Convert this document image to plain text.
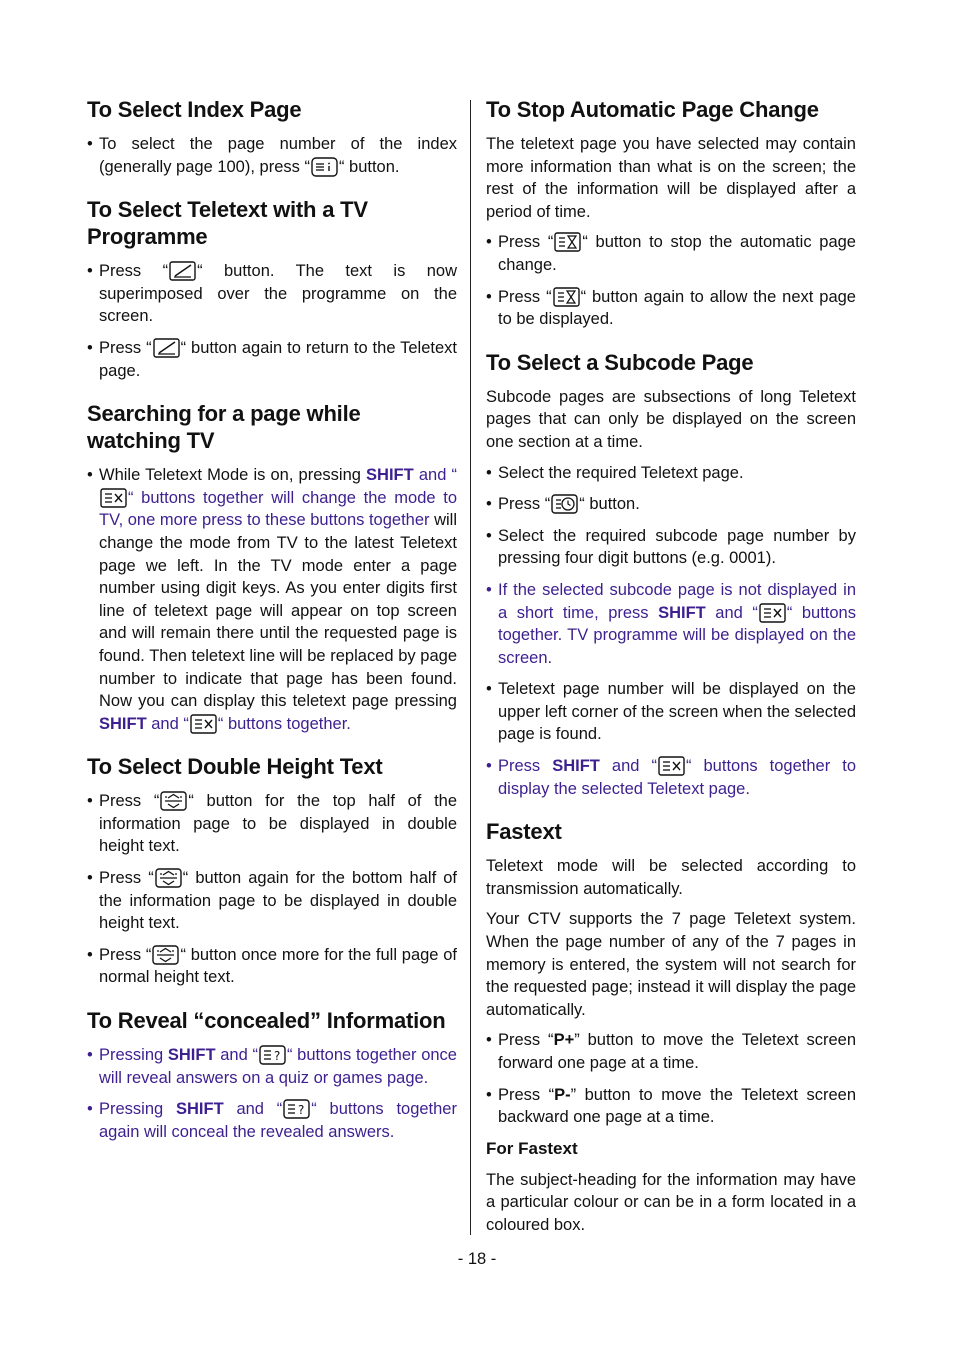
To Select Index Page
• To select the page number of the index (generally page 100), press “ “ button.
To Select Teletext with a TV Programme
• Press “ “ button. The text is now superimposed over the programme on the screen.
• Press “ “ button again to return to the Teletext page.
Searching for a page while watching TV
• While Teletext Mode is on, pressing SHIFT and “
“ buttons together will change the mode to TV, one more press to these buttons together will change the mode from TV to the latest Teletext page we left. In the TV mode enter a page number using digit keys. As you enter digits first line of teletext page will appear on top screen and will remain there until the requested page is found. Then teletext line will be replaced by page number to indicate that page has been found. Now you can display this teletext page pressing SHIFT and “ “ buttons together.
To Select Double Height Text
• Press “ “ button for the top half of the information page to be displayed in double height text.
• Press “ “ button again for the bottom half of the information page to be displayed in double height text.
• Press “ “ button once more for the full page of normal height text.
To Reveal “concealed” Information
• Pressing SHIFT and “ ? “ buttons together once will reveal answers on a quiz or games page.
• Pressing SHIFT and “ ? “ buttons together again will conceal the revealed answers.
To Stop Automatic Page Change

The teletext page you have selected may contain more information than what is on the screen; the rest of the information will be displayed after a period of time.

• Press “ “ button to stop the automatic page change.
• Press “ “ button again to allow the next page to be displayed.
To Select a Subcode Page

Subcode pages are subsections of long Teletext pages that can only be displayed on the screen one section at a time.

• Select the required Teletext page.
• Press “ “ button.
• Select the required subcode page number by pressing four digit buttons (e.g. 0001).
• If the selected subcode page is not displayed in a short time, press SHIFT and “ “ buttons together. TV programme will be displayed on the screen.
• Teletext page number will be displayed on the upper left corner of the screen when the selected page is found.
• Press SHIFT and “ “ buttons together to display the selected Teletext page.
Fastext

Teletext mode will be selected according to transmission automatically.

Your CTV supports the 7 page Teletext system. When the page number of any of the 7 pages in memory is entered, the system will not search for the requested page; instead it will display the page automatically.

• Press “P+” button to move the Teletext screen forward one page at a time.
• Press “P-” button to move the Teletext screen backward one page at a time.
For Fastext

The subject-heading for the information may have a particular colour or can be in a form located in a coloured box.

- 18 -
